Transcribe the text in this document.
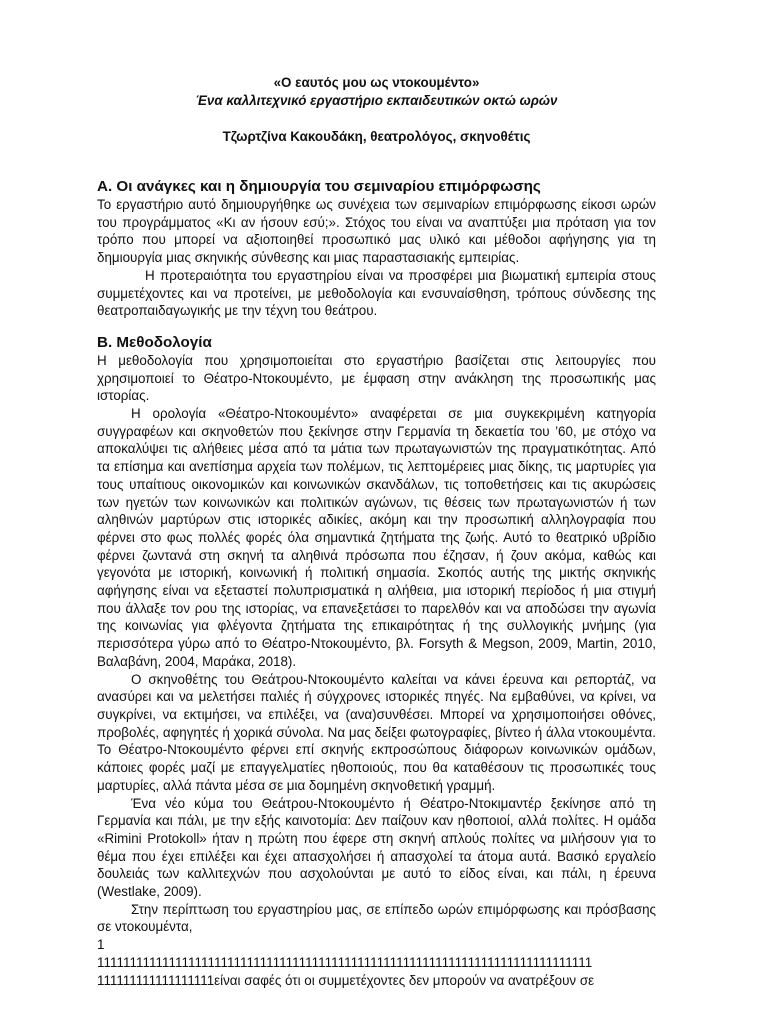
«Ο εαυτός μου ως ντοκουμέντο»
Ένα καλλιτεχνικό εργαστήριο εκπαιδευτικών οκτώ ωρών
Τζωρτζίνα Κακουδάκη, θεατρολόγος, σκηνοθέτις
Α. Οι ανάγκες και η δημιουργία του σεμιναρίου επιμόρφωσης

Το εργαστήριο αυτό δημιουργήθηκε ως συνέχεια των σεμιναρίων επιμόρφωσης είκοσι ωρών του προγράμματος «Κι αν ήσουν εσύ;». Στόχος του είναι να αναπτύξει μια πρόταση για τον τρόπο που μπορεί να αξιοποιηθεί προσωπικό μας υλικό και μέθοδοι αφήγησης για τη δημιουργία μιας σκηνικής σύνθεσης και μιας παραστασιακής εμπειρίας.

Η προτεραιότητα του εργαστηρίου είναι να προσφέρει μια βιωματική εμπειρία στους συμμετέχοντες και να προτείνει, με μεθοδολογία και ενσυναίσθηση, τρόπους σύνδεσης της θεατροπαιδαγωγικής με την τέχνη του θεάτρου.

Β. Μεθοδολογία

Η μεθοδολογία που χρησιμοποιείται στο εργαστήριο βασίζεται στις λειτουργίες που χρησιμοποιεί το Θέατρο-Ντοκουμέντο, με έμφαση στην ανάκληση της προσωπικής μας ιστορίας.

Η ορολογία «Θέατρο-Ντοκουμέντο» αναφέρεται σε μια συγκεκριμένη κατηγορία συγγραφέων και σκηνοθετών που ξεκίνησε στην Γερμανία τη δεκαετία του ’60, με στόχο να αποκαλύψει τις αλήθειες μέσα από τα μάτια των πρωταγωνιστών της πραγματικότητας. Από τα επίσημα και ανεπίσημα αρχεία των πολέμων, τις λεπτομέρειες μιας δίκης, τις μαρτυρίες για τους υπαίτιους οικονομικών και κοινωνικών σκανδάλων, τις τοποθετήσεις και τις ακυρώσεις των ηγετών των κοινωνικών και πολιτικών αγώνων, τις θέσεις των πρωταγωνιστών ή των αληθινών μαρτύρων στις ιστορικές αδικίες, ακόμη και την προσωπική αλληλογραφία που φέρνει στο φως πολλές φορές όλα σημαντικά ζητήματα της ζωής. Αυτό το θεατρικό υβρίδιο φέρνει ζωντανά στη σκηνή τα αληθινά πρόσωπα που έζησαν, ή ζουν ακόμα, καθώς και γεγονότα με ιστορική, κοινωνική ή πολιτική σημασία. Σκοπός αυτής της μικτής σκηνικής αφήγησης είναι να εξεταστεί πολυπρισματικά η αλήθεια, μια ιστορική περίοδος ή μια στιγμή που άλλαξε τον ρου της ιστορίας, να επανεξετάσει το παρελθόν και να αποδώσει την αγωνία της κοινωνίας για φλέγοντα ζητήματα της επικαιρότητας ή της συλλογικής μνήμης (για περισσότερα γύρω από το Θέατρο-Ντοκουμέντο, βλ. Forsyth & Megson, 2009, Martin, 2010, Βαλαβάνη, 2004, Μαράκα, 2018).

Ο σκηνοθέτης του Θεάτρου-Ντοκουμέντο καλείται να κάνει έρευνα και ρεπορτάζ, να ανασύρει και να μελετήσει παλιές ή σύγχρονες ιστορικές πηγές. Να εμβαθύνει, να κρίνει, να συγκρίνει, να εκτιμήσει, να επιλέξει, να (ανα)συνθέσει. Μπορεί να χρησιμοποιήσει οθόνες, προβολές, αφηγητές ή χορικά σύνολα. Να μας δείξει φωτογραφίες, βίντεο ή άλλα ντοκουμέντα. Το Θέατρο-Ντοκουμέντο φέρνει επί σκηνής εκπροσώπους διάφορων κοινωνικών ομάδων, κάποιες φορές μαζί με επαγγελματίες ηθοποιούς, που θα καταθέσουν τις προσωπικές τους μαρτυρίες, αλλά πάντα μέσα σε μια δομημένη σκηνοθετική γραμμή.

Ένα νέο κύμα του Θεάτρου-Ντοκουμέντο ή Θέατρο-Ντοκιμαντέρ ξεκίνησε από τη Γερμανία και πάλι, με την εξής καινοτομία: Δεν παίζουν καν ηθοποιοί, αλλά πολίτες. Η ομάδα «Rimini Protokoll» ήταν η πρώτη που έφερε στη σκηνή απλούς πολίτες να μιλήσουν για το θέμα που έχει επιλέξει και έχει απασχολήσει ή απασχολεί τα άτομα αυτά. Βασικό εργαλείο δουλειάς των καλλιτεχνών που ασχολούνται με αυτό το είδος είναι, και πάλι, η έρευνα (Westlake, 2009).

Στην περίπτωση του εργαστηρίου μας, σε επίπεδο ωρών επιμόρφωσης και πρόσβασης σε ντοκουμέντα,

1
1111111111111111111111111111111111111111111111111111111111111111111111111111
111111111111111111είναι σαφές ότι οι συμμετέχοντες δεν μπορούν να ανατρέξουν σε
